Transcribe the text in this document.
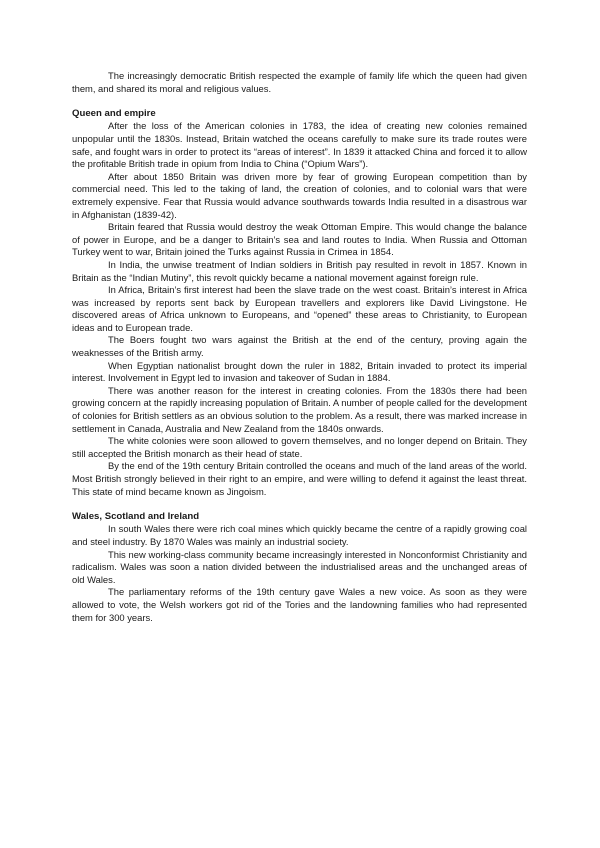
The increasingly democratic British respected the example of family life which the queen had given them, and shared its moral and religious values.

Queen and empire

After the loss of the American colonies in 1783, the idea of creating new colonies remained unpopular until the 1830s. Instead, Britain watched the oceans carefully to make sure its trade routes were safe, and fought wars in order to protect its “areas of interest”. In 1839 it attacked China and forced it to allow the profitable British trade in opium from India to China (“Opium Wars”).

After about 1850 Britain was driven more by fear of growing European competition than by commercial need. This led to the taking of land, the creation of colonies, and to colonial wars that were extremely expensive. Fear that Russia would advance southwards towards India resulted in a disastrous war in Afghanistan (1839-42).

Britain feared that Russia would destroy the weak Ottoman Empire. This would change the balance of power in Europe, and be a danger to Britain’s sea and land routes to India. When Russia and Ottoman Turkey went to war, Britain joined the Turks against Russia in Crimea in 1854.

In India, the unwise treatment of Indian soldiers in British pay resulted in revolt in 1857. Known in Britain as the “Indian Mutiny”, this revolt quickly became a national movement against foreign rule.

In Africa, Britain’s first interest had been the slave trade on the west coast. Britain’s interest in Africa was increased by reports sent back by European travellers and explorers like David Livingstone. He discovered areas of Africa unknown to Europeans, and “opened” these areas to Christianity, to European ideas and to European trade.

The Boers fought two wars against the British at the end of the century, proving again the weaknesses of the British army.

When Egyptian nationalist brought down the ruler in 1882, Britain invaded to protect its imperial interest. Involvement in Egypt led to invasion and takeover of Sudan in 1884.

There was another reason for the interest in creating colonies. From the 1830s there had been growing concern at the rapidly increasing population of Britain. A number of people called for the development of colonies for British settlers as an obvious solution to the problem. As a result, there was marked increase in settlement in Canada, Australia and New Zealand from the 1840s onwards.

The white colonies were soon allowed to govern themselves, and no longer depend on Britain. They still accepted the British monarch as their head of state.

By the end of the 19th century Britain controlled the oceans and much of the land areas of the world. Most British strongly believed in their right to an empire, and were willing to defend it against the least threat. This state of mind became known as Jingoism.

Wales, Scotland and Ireland

In south Wales there were rich coal mines which quickly became the centre of a rapidly growing coal and steel industry. By 1870 Wales was mainly an industrial society.

This new working-class community became increasingly interested in Nonconformist Christianity and radicalism. Wales was soon a nation divided between the industrialised areas and the unchanged areas of old Wales.

The parliamentary reforms of the 19th century gave Wales a new voice. As soon as they were allowed to vote, the Welsh workers got rid of the Tories and the landowning families who had represented them for 300 years.
